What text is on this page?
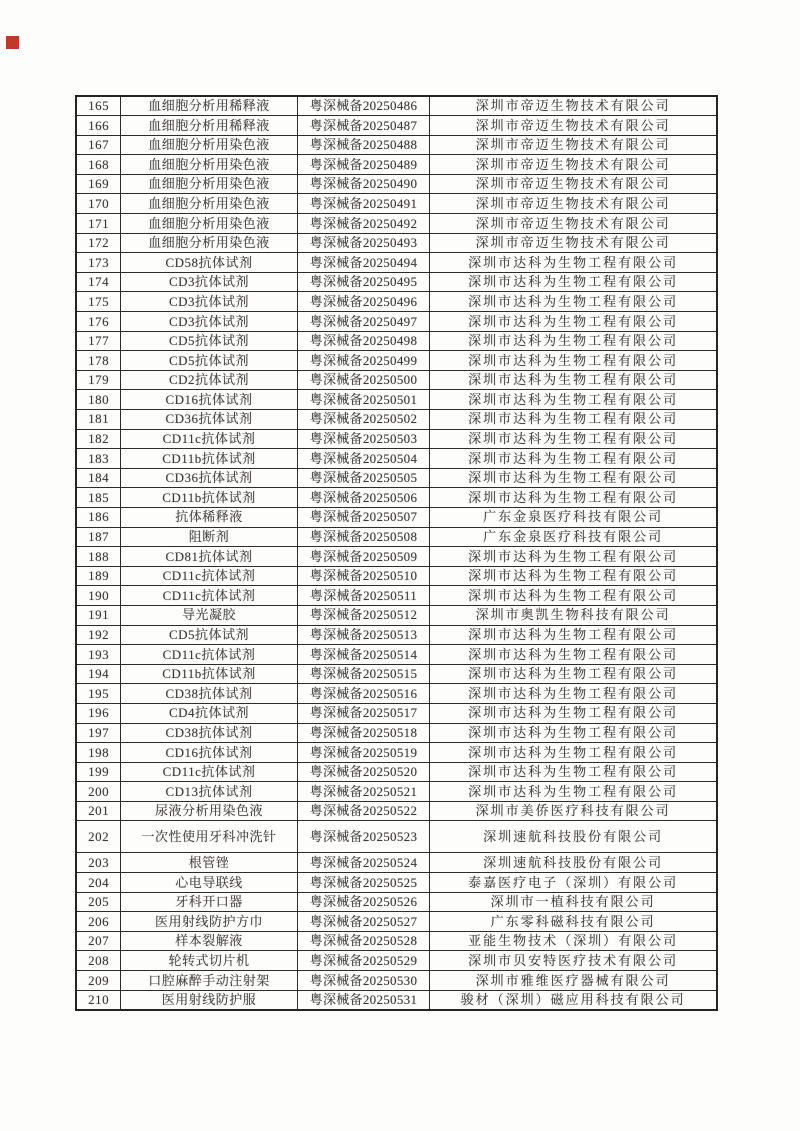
165	血细胞分析用稀释液	粤深械备20250486	深圳市帝迈生物技术有限公司
166	血细胞分析用稀释液	粤深械备20250487	深圳市帝迈生物技术有限公司
167	血细胞分析用染色液	粤深械备20250488	深圳市帝迈生物技术有限公司
168	血细胞分析用染色液	粤深械备20250489	深圳市帝迈生物技术有限公司
169	血细胞分析用染色液	粤深械备20250490	深圳市帝迈生物技术有限公司
170	血细胞分析用染色液	粤深械备20250491	深圳市帝迈生物技术有限公司
171	血细胞分析用染色液	粤深械备20250492	深圳市帝迈生物技术有限公司
172	血细胞分析用染色液	粤深械备20250493	深圳市帝迈生物技术有限公司
173	CD58抗体试剂	粤深械备20250494	深圳市达科为生物工程有限公司
174	CD3抗体试剂	粤深械备20250495	深圳市达科为生物工程有限公司
175	CD3抗体试剂	粤深械备20250496	深圳市达科为生物工程有限公司
176	CD3抗体试剂	粤深械备20250497	深圳市达科为生物工程有限公司
177	CD5抗体试剂	粤深械备20250498	深圳市达科为生物工程有限公司
178	CD5抗体试剂	粤深械备20250499	深圳市达科为生物工程有限公司
179	CD2抗体试剂	粤深械备20250500	深圳市达科为生物工程有限公司
180	CD16抗体试剂	粤深械备20250501	深圳市达科为生物工程有限公司
181	CD36抗体试剂	粤深械备20250502	深圳市达科为生物工程有限公司
182	CD11c抗体试剂	粤深械备20250503	深圳市达科为生物工程有限公司
183	CD11b抗体试剂	粤深械备20250504	深圳市达科为生物工程有限公司
184	CD36抗体试剂	粤深械备20250505	深圳市达科为生物工程有限公司
185	CD11b抗体试剂	粤深械备20250506	深圳市达科为生物工程有限公司
186	抗体稀释液	粤深械备20250507	广东金泉医疗科技有限公司
187	阻断剂	粤深械备20250508	广东金泉医疗科技有限公司
188	CD81抗体试剂	粤深械备20250509	深圳市达科为生物工程有限公司
189	CD11c抗体试剂	粤深械备20250510	深圳市达科为生物工程有限公司
190	CD11c抗体试剂	粤深械备20250511	深圳市达科为生物工程有限公司
191	导光凝胶	粤深械备20250512	深圳市奥凯生物科技有限公司
192	CD5抗体试剂	粤深械备20250513	深圳市达科为生物工程有限公司
193	CD11c抗体试剂	粤深械备20250514	深圳市达科为生物工程有限公司
194	CD11b抗体试剂	粤深械备20250515	深圳市达科为生物工程有限公司
195	CD38抗体试剂	粤深械备20250516	深圳市达科为生物工程有限公司
196	CD4抗体试剂	粤深械备20250517	深圳市达科为生物工程有限公司
197	CD38抗体试剂	粤深械备20250518	深圳市达科为生物工程有限公司
198	CD16抗体试剂	粤深械备20250519	深圳市达科为生物工程有限公司
199	CD11c抗体试剂	粤深械备20250520	深圳市达科为生物工程有限公司
200	CD13抗体试剂	粤深械备20250521	深圳市达科为生物工程有限公司
201	尿液分析用染色液	粤深械备20250522	深圳市美侨医疗科技有限公司
202	一次性使用牙科冲洗针	粤深械备20250523	深圳速航科技股份有限公司
203	根管锉	粤深械备20250524	深圳速航科技股份有限公司
204	心电导联线	粤深械备20250525	泰嘉医疗电子（深圳）有限公司
205	牙科开口器	粤深械备20250526	深圳市一植科技有限公司
206	医用射线防护方巾	粤深械备20250527	广东零科磁科技有限公司
207	样本裂解液	粤深械备20250528	亚能生物技术（深圳）有限公司
208	轮转式切片机	粤深械备20250529	深圳市贝安特医疗技术有限公司
209	口腔麻醉手动注射架	粤深械备20250530	深圳市雅维医疗器械有限公司
210	医用射线防护服	粤深械备20250531	骏材（深圳）磁应用科技有限公司
